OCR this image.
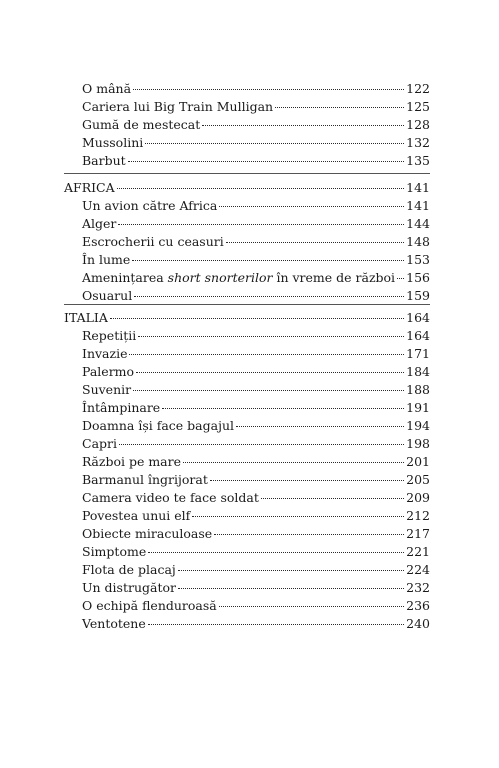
O mână	122
Cariera lui Big Train Mulligan	125
Gumă de mestecat	128
Mussolini	132
Barbut	135
AFRICA	141
Un avion către Africa	141
Alger	144
Escrocherii cu ceasuri	148
În lume	153
Amenințarea short snorterilor în vreme de război 156
Osuarul	159
ITALIA	164
Repetiții	164
Invazie	171
Palermo	184
Suvenir	188
Întâmpinare	191
Doamna își face bagajul	194
Capri	198
Război pe mare	201
Barmanul îngrijorat	205
Camera video te face soldat	209
Povestea unui elf	212
Obiecte miraculoase	217
Simptome	221
Flota de placaj	224
Un distrugător	232
O echipă flenduroasă	236
Ventotene	240
